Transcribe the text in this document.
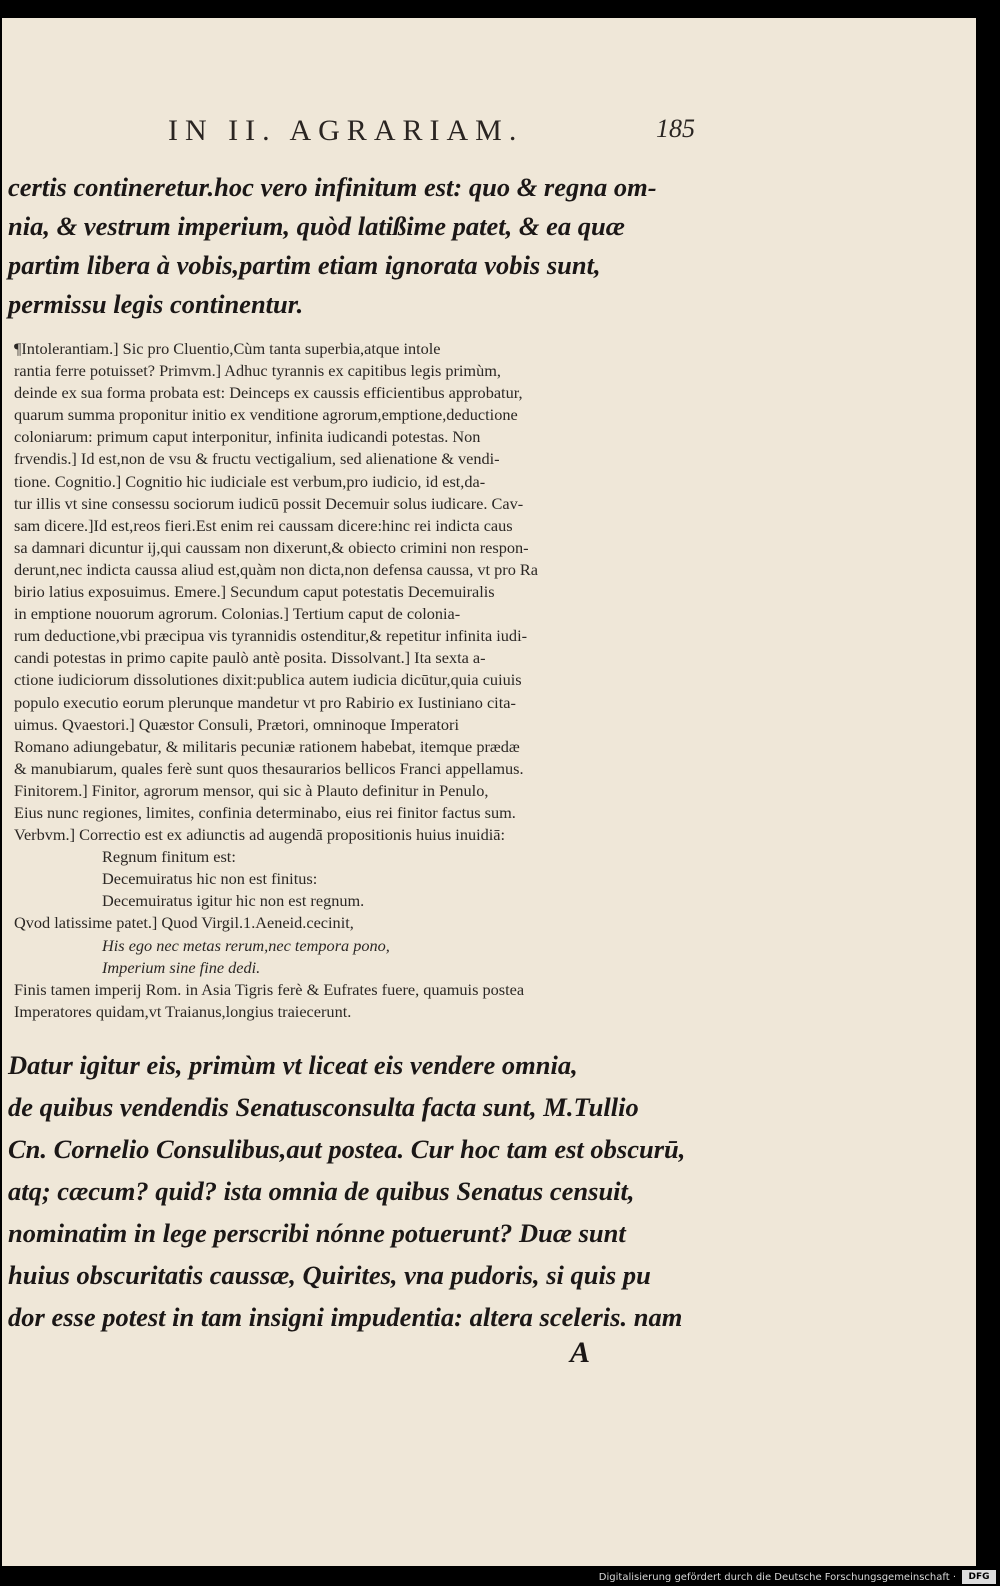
IN II. AGRARIAM.	185
certis contineretur.hoc vero infinitum est: quo & regna om-
nia, & vestrum imperium, quòd latißime patet, & ea quæ
partim libera à vobis,partim etiam ignorata vobis sunt,
permissu legis continentur.
¶Intolerantiam.] Sic pro Cluentio,Cùm tanta superbia,atque intole
rantia ferre potuisset? Primvm.] Adhuc tyrannis ex capitibus legis primùm,
deinde ex sua forma probata est: Deinceps ex caussis efficientibus approbatur,
quarum summa proponitur initio ex venditione agrorum,emptione,deductione
coloniarum: primum caput interponitur, infinita iudicandi potestas. Non
frvendis.] Id est,non de vsu & fructu vectigalium, sed alienatione & vendi-
tione. Cognitio.] Cognitio hic iudiciale est verbum,pro iudicio, id est,da-
tur illis vt sine consessu sociorum iudicū possit Decemuir solus iudicare. Cav-
sam dicere.]Id est,reos fieri.Est enim rei caussam dicere:hinc rei indicta caus
sa damnari dicuntur ij,qui caussam non dixerunt,& obiecto crimini non respon-
derunt,nec indicta caussa aliud est,quàm non dicta,non defensa caussa, vt pro Ra
birio latius exposuimus. Emere.] Secundum caput potestatis Decemuiralis
in emptione nouorum agrorum. Colonias.] Tertium caput de colonia-
rum deductione,vbi præcipua vis tyrannidis ostenditur,& repetitur infinita iudi-
candi potestas in primo capite paulò antè posita. Dissolvant.] Ita sexta a-
ctione iudiciorum dissolutiones dixit:publica autem iudicia dicūtur,quia cuiuis
populo executio eorum plerunque mandetur vt pro Rabirio ex Iustiniano cita-
uimus. Qvaestori.] Quæstor Consuli, Prætori, omninoque Imperatori
Romano adiungebatur, & militaris pecuniæ rationem habebat, itemque prædæ
& manubiarum, quales ferè sunt quos thesaurarios bellicos Franci appellamus.
Finitorem.] Finitor, agrorum mensor, qui sic à Plauto definitur in Penulo,
Eius nunc regiones, limites, confinia determinabo, eius rei finitor factus sum.
Verbvm.] Correctio est ex adiunctis ad augendā propositionis huius inuidiā:
Regnum finitum est:
Decemuiratus hic non est finitus:
Decemuiratus igitur hic non est regnum.
Qvod latissime patet.] Quod Virgil.1.Aeneid.cecinit,
His ego nec metas rerum,nec tempora pono,
Imperium sine fine dedi.
Finis tamen imperij Rom. in Asia Tigris ferè & Eufrates fuere, quamuis postea
Imperatores quidam,vt Traianus,longius traiecerunt.
Datur igitur eis, primùm vt liceat eis vendere omnia,
de quibus vendendis Senatusconsulta facta sunt, M.Tullio
Cn. Cornelio Consulibus,aut postea. Cur hoc tam est obscurū,
atq; cæcum? quid? ista omnia de quibus Senatus censuit,
nominatim in lege perscribi nónne potuerunt? Duæ sunt
huius obscuritatis caussæ, Quirites, vna pudoris, si quis pu
dor esse potest in tam insigni impudentia: altera sceleris. nam
A
Digitalisierung gefördert durch die Deutsche Forschungsgemeinschaft ·	DFG
